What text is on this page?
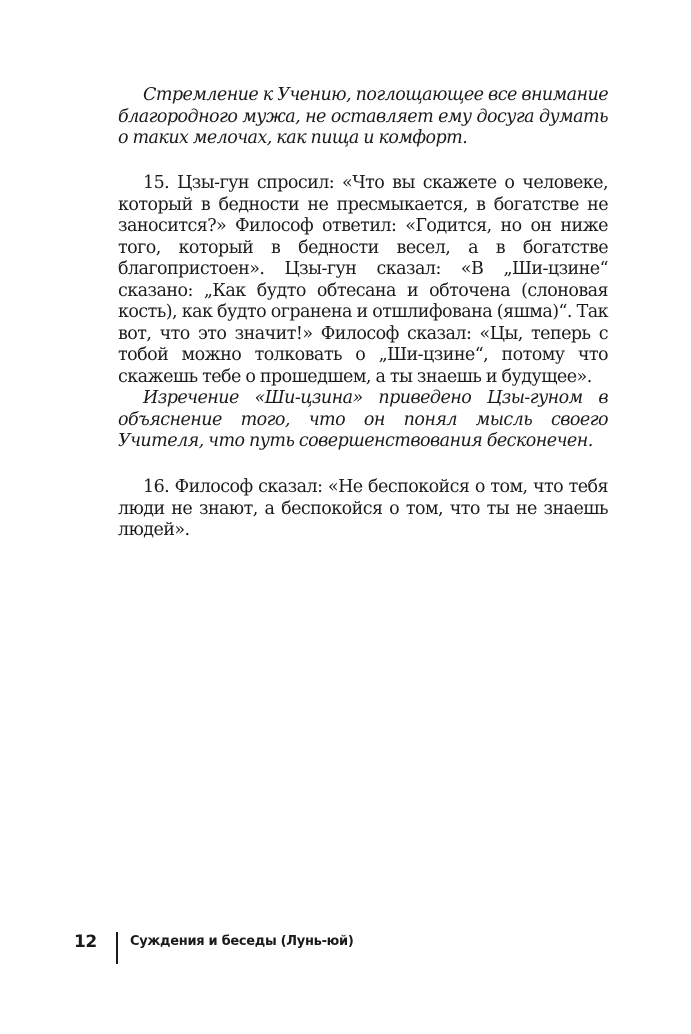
Стремление к Учению, поглощающее все внимание благородного мужа, не оставляет ему досуга думать о таких мелочах, как пища и комфорт.

15. Цзы-гун спросил: «Что вы скажете о человеке, который в бедности не пресмыкается, в богатстве не заносится?» Философ ответил: «Годится, но он ниже того, который в бедности весел, а в богатстве благопристоен». Цзы-гун сказал: «В „Ши-цзине“ сказано: „Как будто обтесана и обточена (слоновая кость), как будто огранена и отшлифована (яшма)“. Так вот, что это значит!» Философ сказал: «Цы, теперь с тобой можно толковать о „Ши-цзине“, потому что скажешь тебе о прошедшем, а ты знаешь и будущее».

Изречение «Ши-цзина» приведено Цзы-гуном в объяснение того, что он понял мысль своего Учителя, что путь совершенствования бесконечен.

16. Философ сказал: «Не беспокойся о том, что тебя люди не знают, а беспокойся о том, что ты не знаешь людей».

12	Суждения и беседы (Лунь-юй)
